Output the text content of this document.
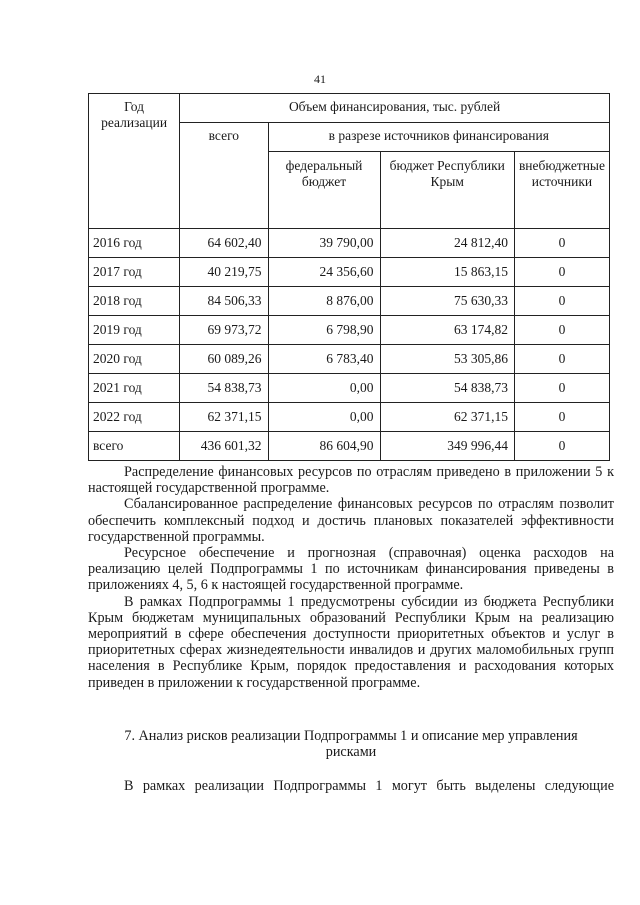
41
Год реализации	Объем финансирования, тыс. рублей			
	всего	в разрезе источников финансирования		
		федеральный бюджет	бюджет Республики Крым	внебюджетные источники
2016 год	64 602,40	39 790,00	24 812,40	0
2017 год	40 219,75	24 356,60	15 863,15	0
2018 год	84 506,33	8 876,00	75 630,33	0
2019 год	69 973,72	6 798,90	63 174,82	0
2020 год	60 089,26	6 783,40	53 305,86	0
2021 год	54 838,73	0,00	54 838,73	0
2022 год	62 371,15	0,00	62 371,15	0
всего	436 601,32	86 604,90	349 996,44	0

Распределение финансовых ресурсов по отраслям приведено в приложении 5 к настоящей государственной программе.

Сбалансированное распределение финансовых ресурсов по отраслям позволит обеспечить комплексный подход и достичь плановых показателей эффективности государственной программы.

Ресурсное обеспечение и прогнозная (справочная) оценка расходов на реализацию целей Подпрограммы 1 по источникам финансирования приведены в приложениях 4, 5, 6 к настоящей государственной программе.

В рамках Подпрограммы 1 предусмотрены субсидии из бюджета Республики Крым бюджетам муниципальных образований Республики Крым на реализацию мероприятий в сфере обеспечения доступности приоритетных объектов и услуг в приоритетных сферах жизнедеятельности инвалидов и других маломобильных групп населения в Республике Крым, порядок предоставления и расходования которых приведен в приложении к государственной программе.

7. Анализ рисков реализации Подпрограммы 1 и описание мер управления рисками
В рамках реализации Подпрограммы 1 могут быть выделены следующие
